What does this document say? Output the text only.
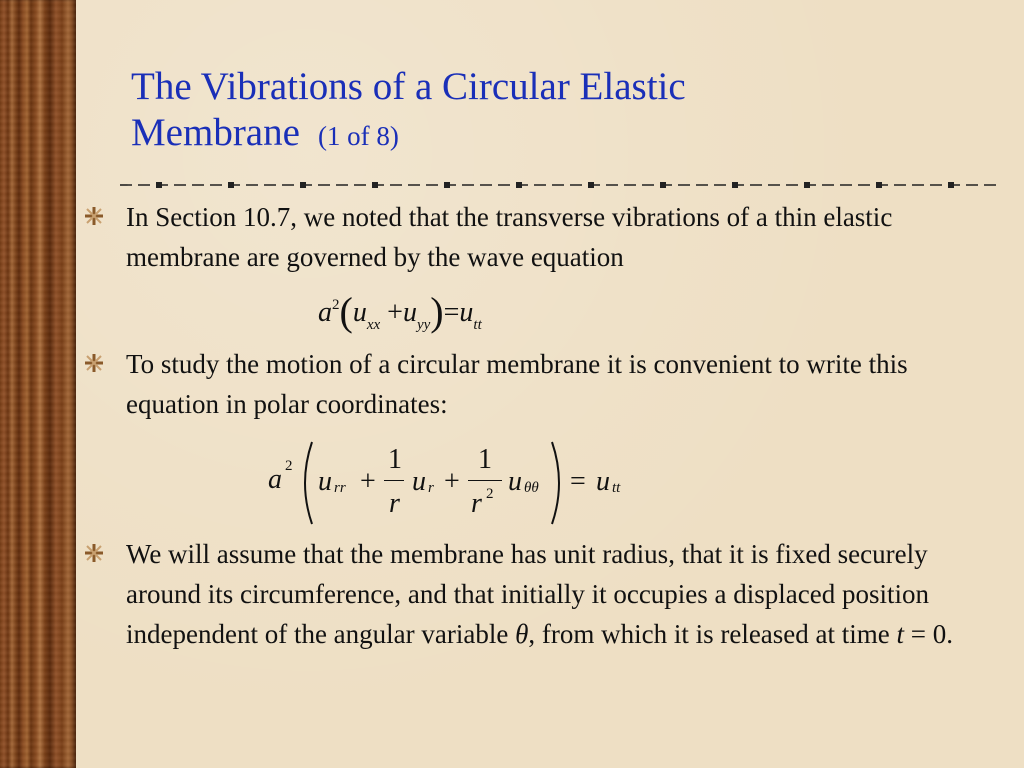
The Vibrations of a Circular Elastic
Membrane (1 of 8)
In Section 10.7, we noted that the transverse vibrations of a thin elastic membrane are governed by the wave equation
$a^2(u_{xx} +u_{yy})=u_{tt}$
To study the motion of a circular membrane it is convenient to write this equation in polar coordinates:
a 2 u rr +
1
r
u r +
1
r 2 u θθ = u tt
We will assume that the membrane has unit radius, that it is fixed securely around its circumference, and that initially it occupies a displaced position independent of the angular variable θ, from which it is released at time t = 0.
